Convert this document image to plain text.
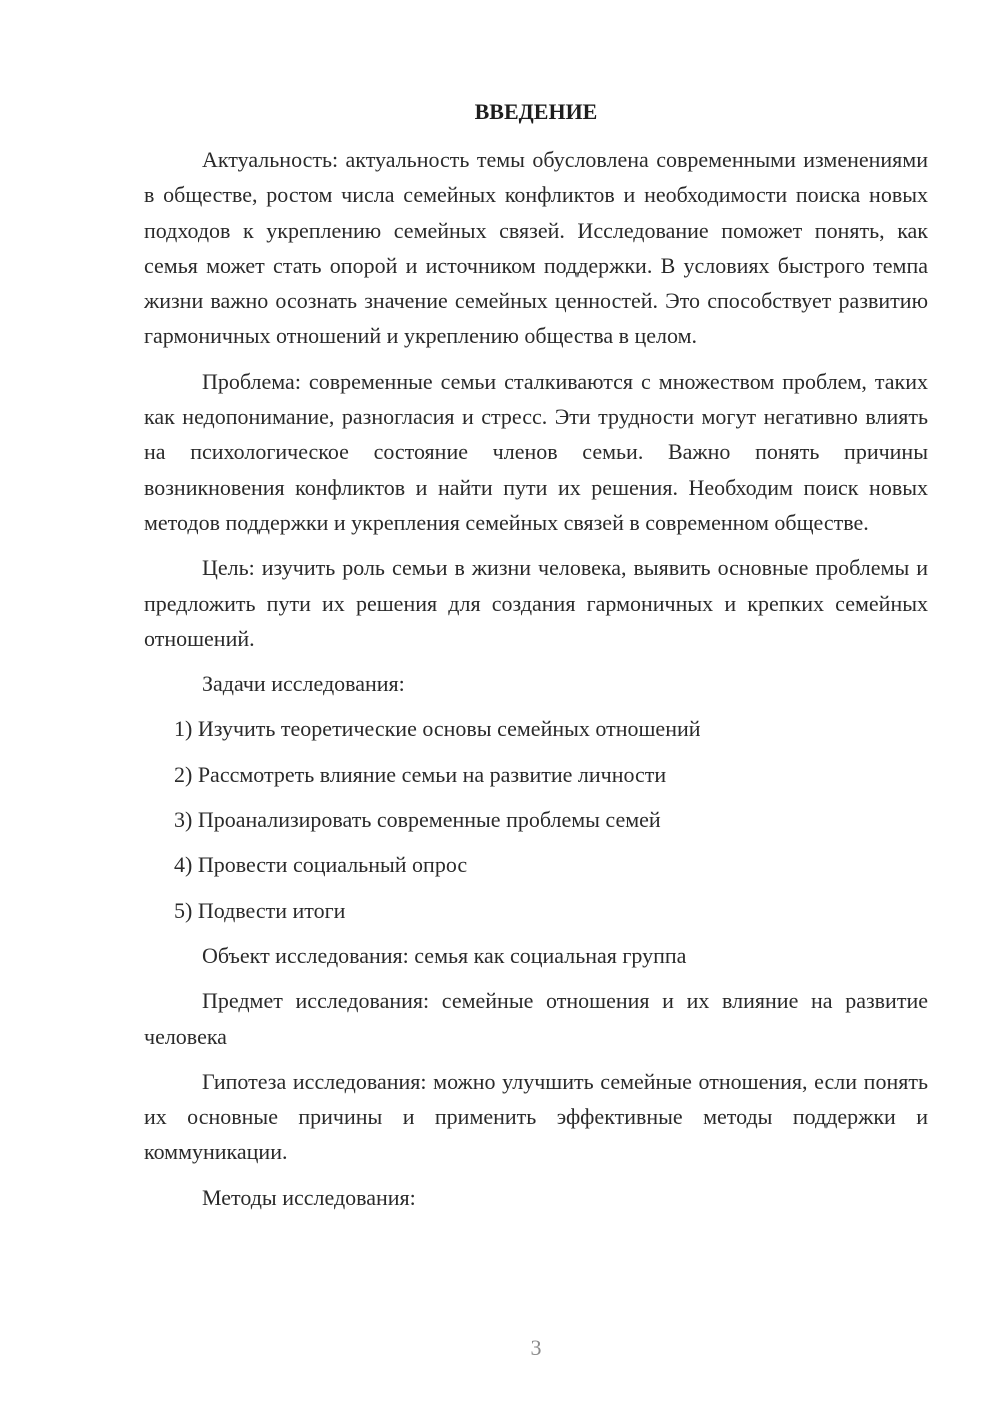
ВВЕДЕНИЕ

Актуальность: актуальность темы обусловлена современными изменениями в обществе, ростом числа семейных конфликтов и необходимости поиска новых подходов к укреплению семейных связей. Исследование поможет понять, как семья может стать опорой и источником поддержки. В условиях быстрого темпа жизни важно осознать значение семейных ценностей. Это способствует развитию гармоничных отношений и укреплению общества в целом.

Проблема: современные семьи сталкиваются с множеством проблем, таких как недопонимание, разногласия и стресс. Эти трудности могут негативно влиять на психологическое состояние членов семьи. Важно понять причины возникновения конфликтов и найти пути их решения. Необходим поиск новых методов поддержки и укрепления семейных связей в современном обществе.

Цель: изучить роль семьи в жизни человека, выявить основные проблемы и предложить пути их решения для создания гармоничных и крепких семейных отношений.

Задачи исследования:

1) Изучить теоретические основы семейных отношений

2) Рассмотреть влияние семьи на развитие личности

3) Проанализировать современные проблемы семей

4) Провести социальный опрос

5) Подвести итоги

Объект исследования: семья как социальная группа

Предмет исследования: семейные отношения и их влияние на развитие человека

Гипотеза исследования: можно улучшить семейные отношения, если понять их основные причины и применить эффективные методы поддержки и коммуникации.

Методы исследования:

3
